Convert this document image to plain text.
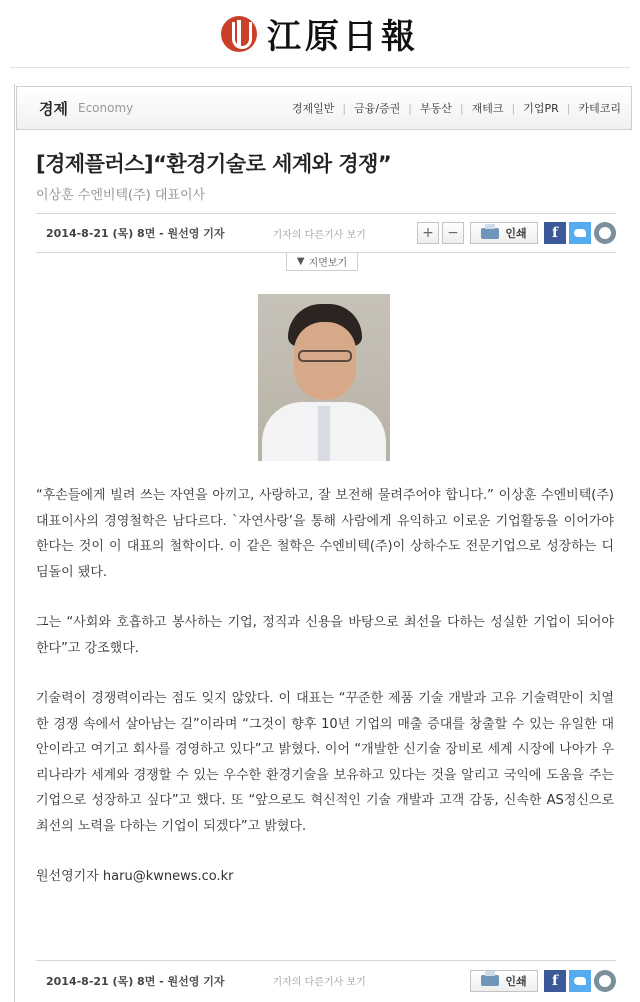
江原日報
경제 Economy	경제일반 | 금융/증권 | 부동산 | 재테크 | 기업PR | 카테코리
[경제플러스]“환경기술로 세계와 경쟁”
이상훈 수엔비텍(주) 대표이사
2014-8-21 (목) 8면 - 원선영 기자	기자의 다른기사 보기	+ −	인쇄 f
▼ 지면보기

“후손들에게 빌려 쓰는 자연을 아끼고, 사랑하고, 잘 보전해 물려주어야 합니다.” 이상훈 수엔비텍(주) 대표이사의 경영철학은 남다르다. `자연사랑’을 통해 사람에게 유익하고 이로운 기업활동을 이어가야 한다는 것이 이 대표의 철학이다. 이 같은 철학은 수엔비텍(주)이 상하수도 전문기업으로 성장하는 디딤돌이 됐다.

그는 “사회와 호흡하고 봉사하는 기업, 정직과 신용을 바탕으로 최선을 다하는 성실한 기업이 되어야 한다”고 강조했다.

기술력이 경쟁력이라는 점도 잊지 않았다. 이 대표는 “꾸준한 제품 기술 개발과 고유 기술력만이 치열한 경쟁 속에서 살아남는 길”이라며 “그것이 향후 10년 기업의 매출 증대를 창출할 수 있는 유일한 대안이라고 여기고 회사를 경영하고 있다”고 밝혔다. 이어 “개발한 신기술 장비로 세계 시장에 나아가 우리나라가 세계와 경쟁할 수 있는 우수한 환경기술을 보유하고 있다는 것을 알리고 국익에 도움을 주는 기업으로 성장하고 싶다”고 했다. 또 “앞으로도 혁신적인 기술 개발과 고객 감동, 신속한 AS정신으로 최선의 노력을 다하는 기업이 되겠다”고 밝혔다.

원선영기자 haru@kwnews.co.kr

2014-8-21 (목) 8면 - 원선영 기자	기자의 다른기사 보기	인쇄 f
